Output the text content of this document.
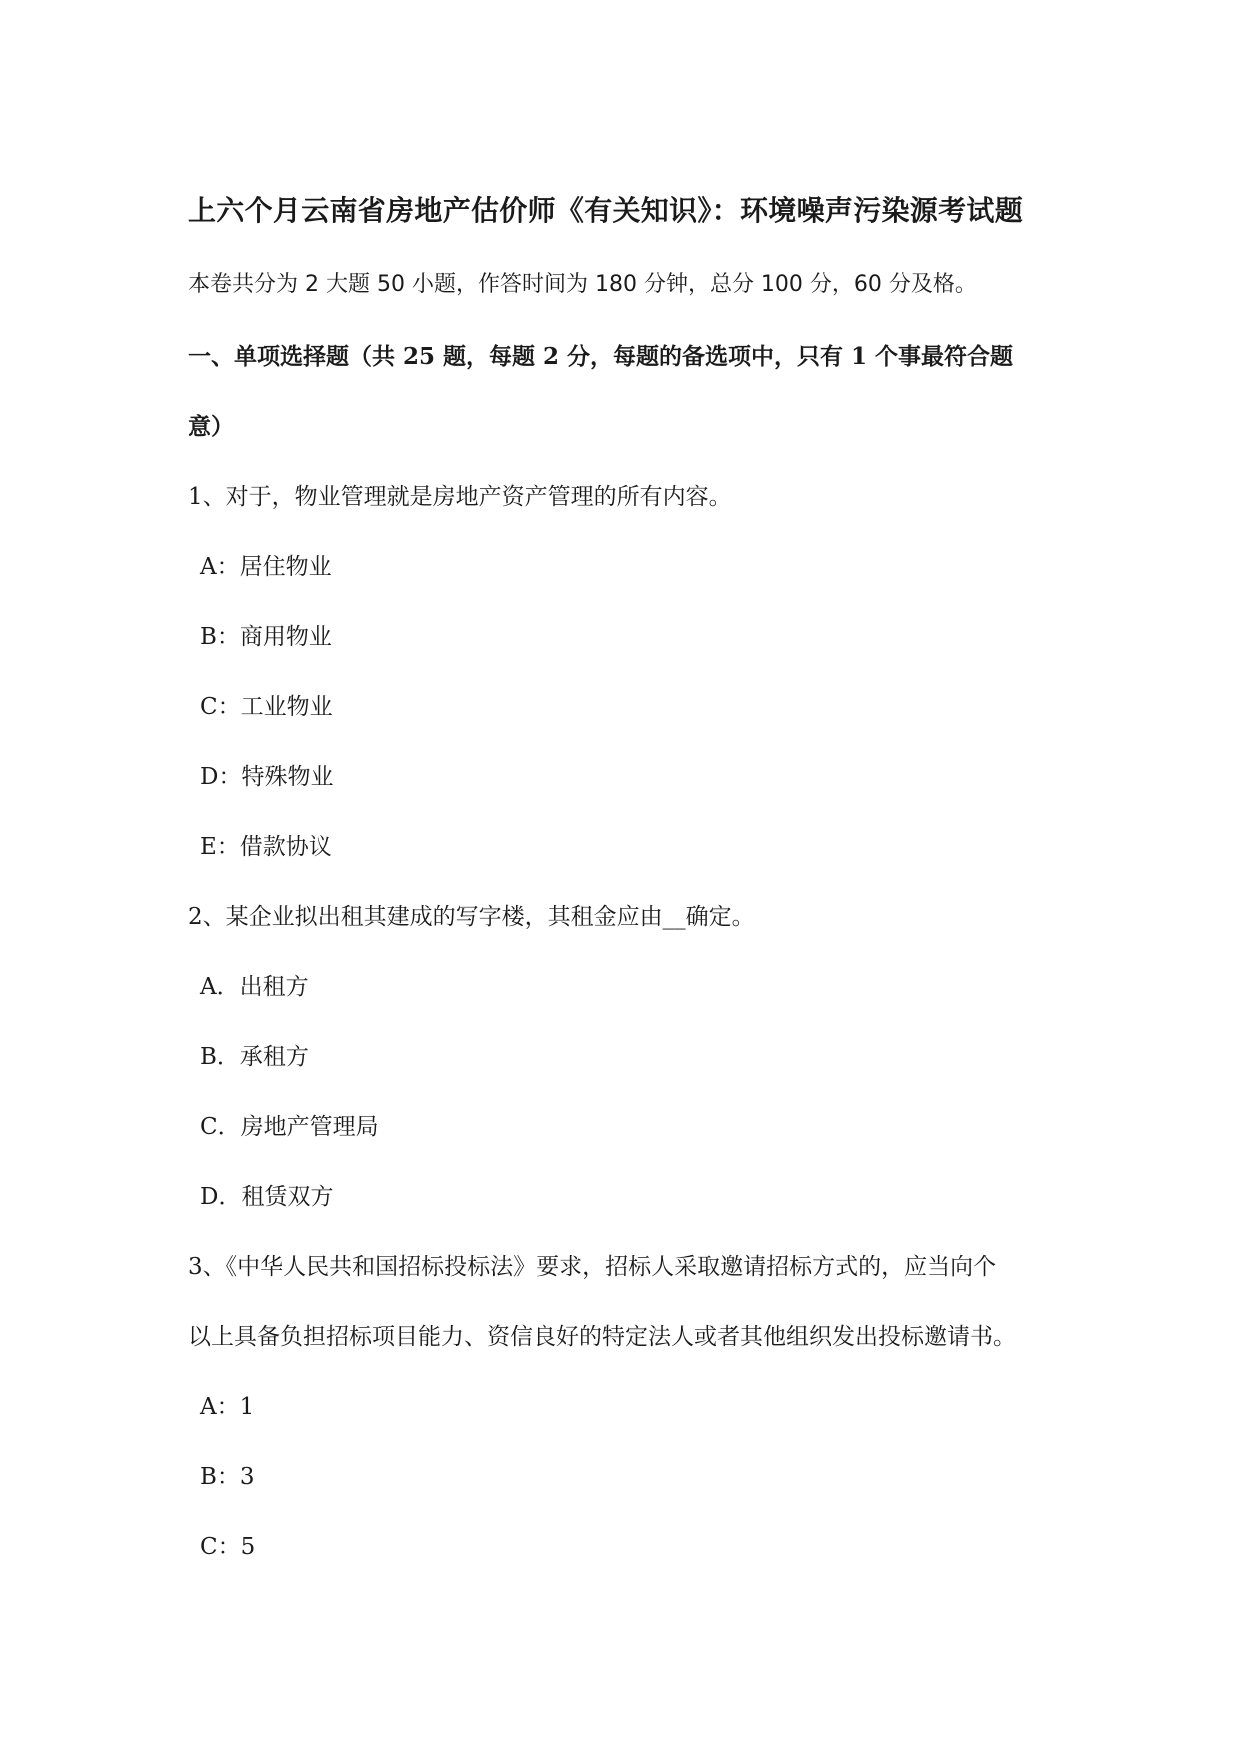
上六个月云南省房地产估价师《有关知识》：环境噪声污染源考试题
本卷共分为 2 大题 50 小题，作答时间为 180 分钟，总分 100 分，60 分及格。
一、单项选择题（共 25 题，每题 2 分，每题的备选项中，只有 1 个事最符合题
意）
1、对于，物业管理就是房地产资产管理的所有内容。
A：居住物业
B：商用物业
C：工业物业
D：特殊物业
E：借款协议
2、某企业拟出租其建成的写字楼，其租金应由__确定。
A．出租方
B．承租方
C．房地产管理局
D．租赁双方
3、《中华人民共和国招标投标法》要求，招标人采取邀请招标方式的，应当向个
以上具备负担招标项目能力、资信良好的特定法人或者其他组织发出投标邀请书。
A：1
B：3
C：5
